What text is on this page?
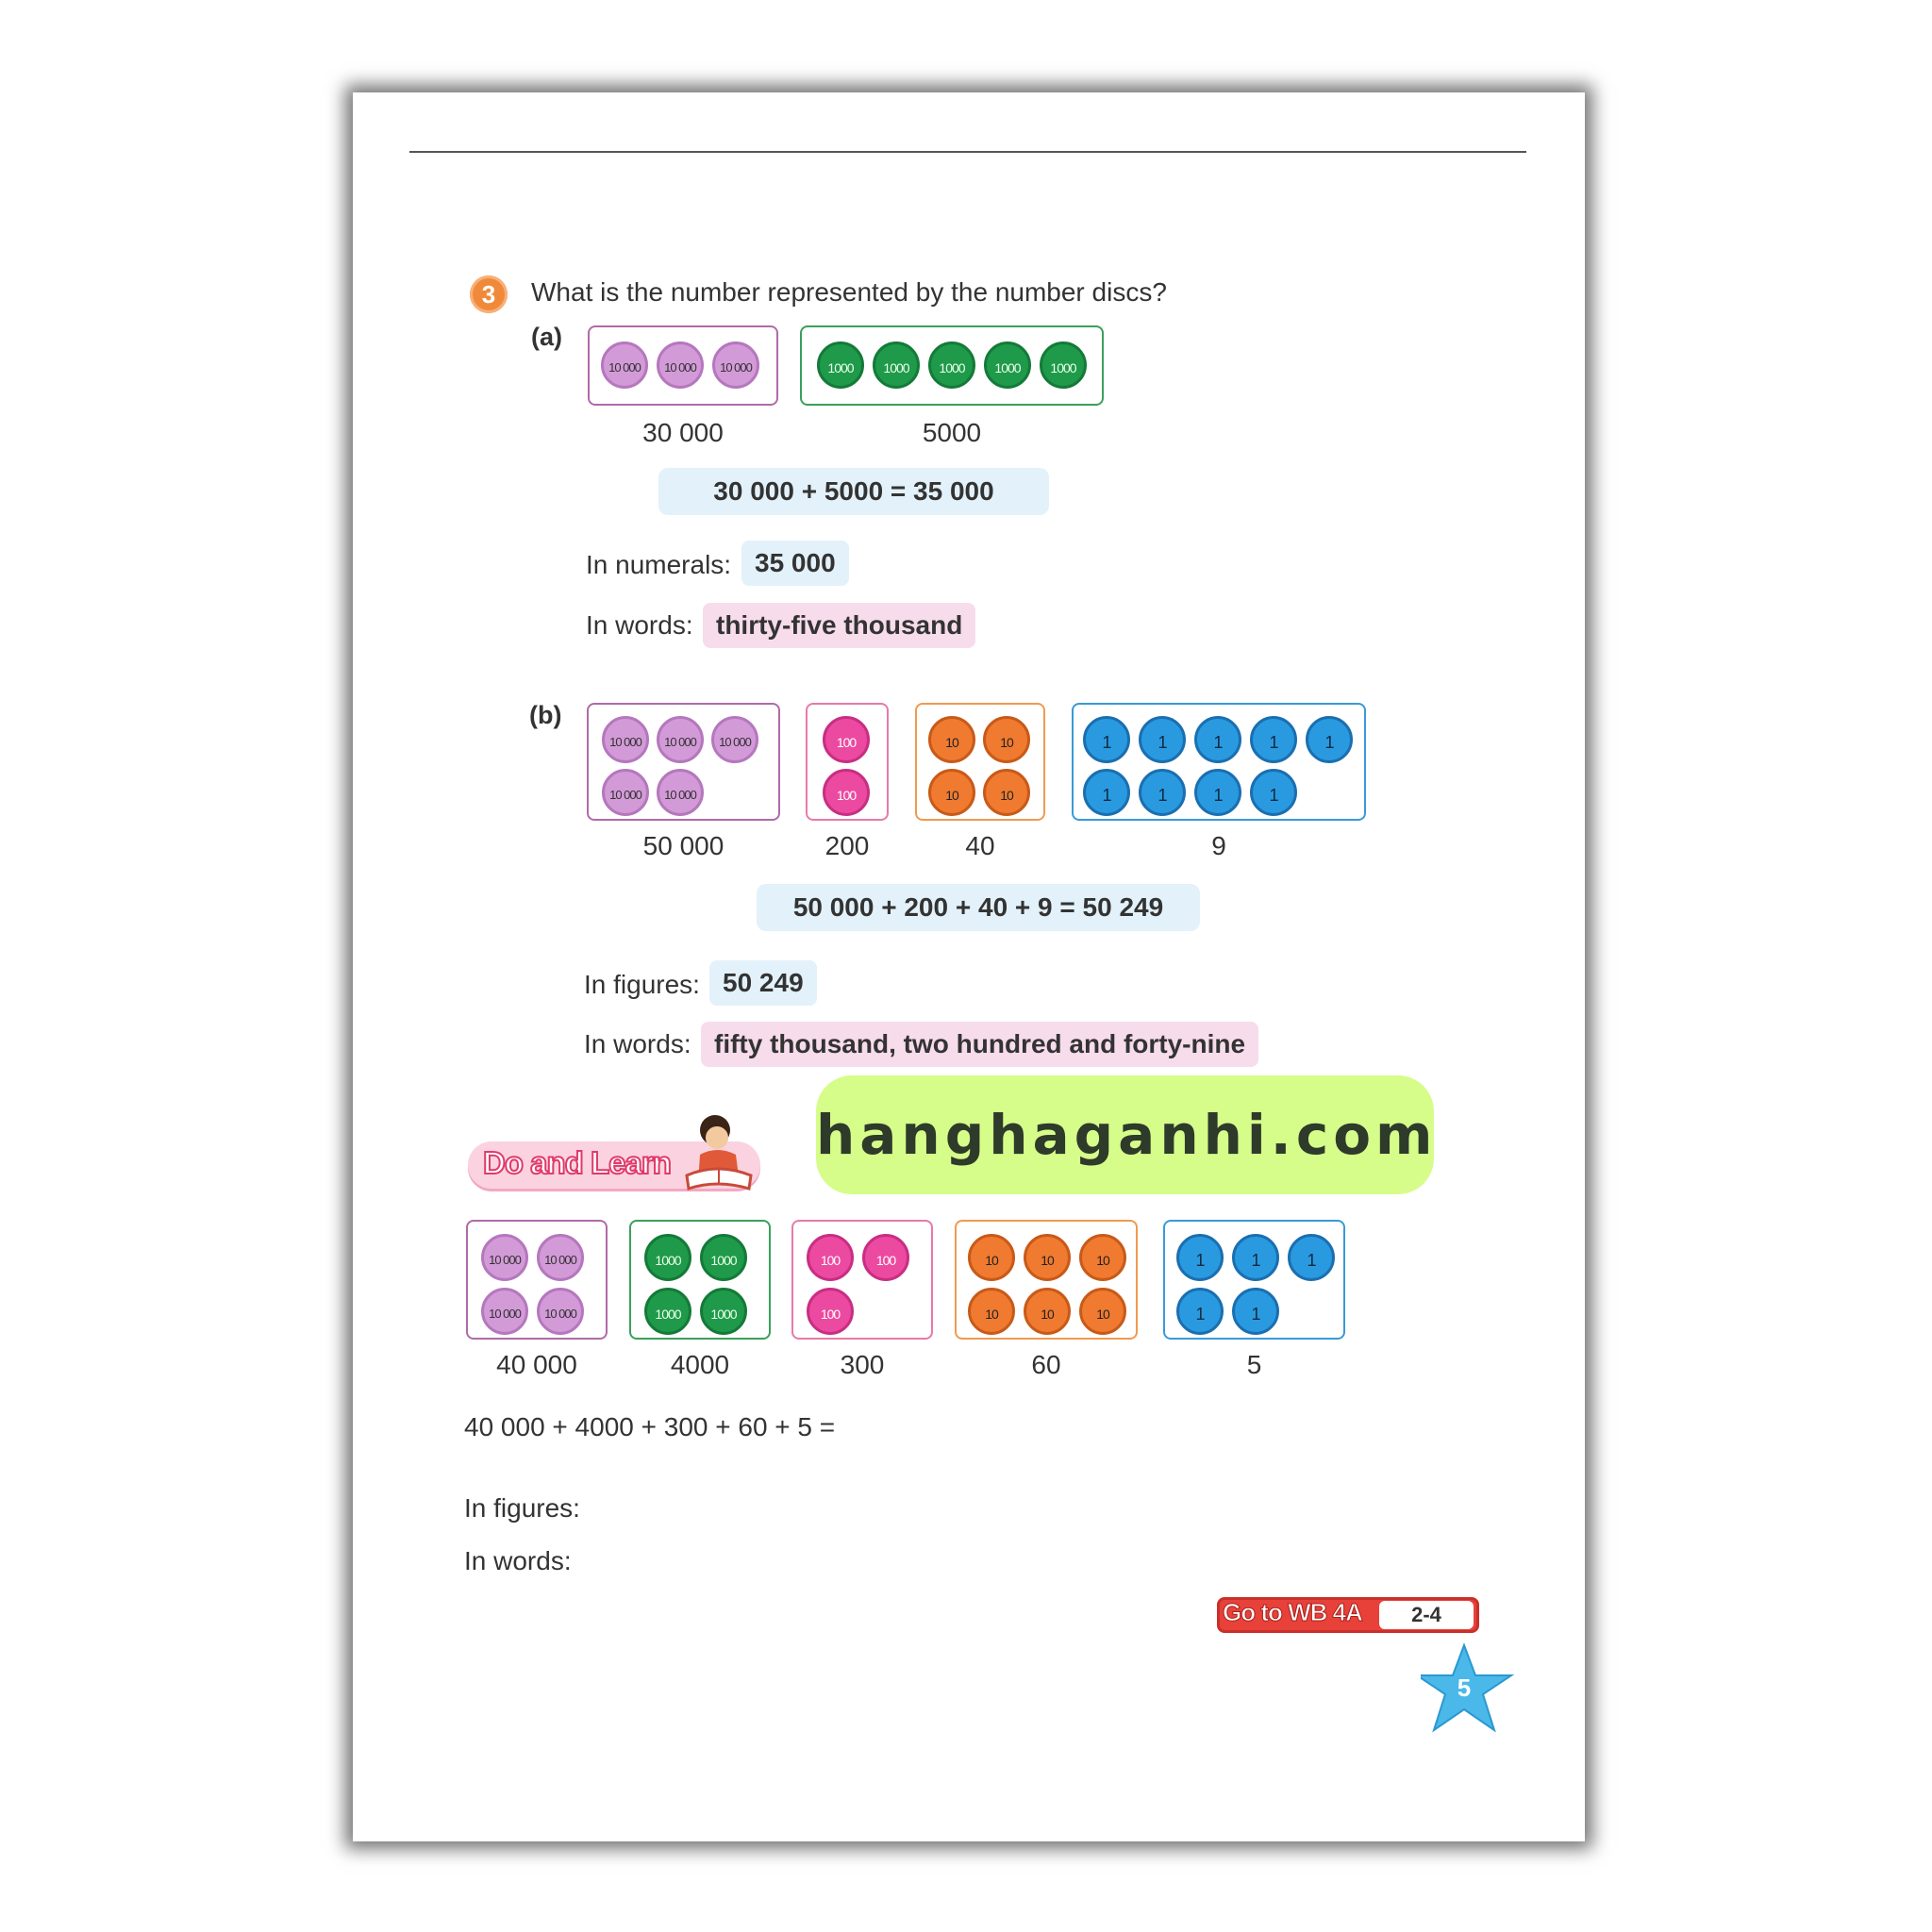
3	What is the number represented by the number discs?
(a)
10 000	10 000	10 000	1000	1000	1000	1000	1000
30 000	5000
30 000 + 5000 = 35 000
In numerals: 35 000
In words: thirty-five thousand
(b)
10 000	10 000	10 000
10 000	10 000
100
100
10	10
10	10
1	1	1	1	1
1	1	1	1
50 000	200	40	9
50 000 + 200 + 40 + 9 = 50 249
In figures: 50 249
In words: fifty thousand, two hundred and forty-nine
Do and Learn	hanghaganhi.com
10 000	10 000
10 000	10 000
1000	1000
1000	1000
100	100
100
10	10	10
10	10	10
1	1	1
1	1
40 000	4000	300	60	5
40 000 + 4000 + 300 + 60 + 5 =
In figures:
In words:
Go to WB 4A	2-4
5
